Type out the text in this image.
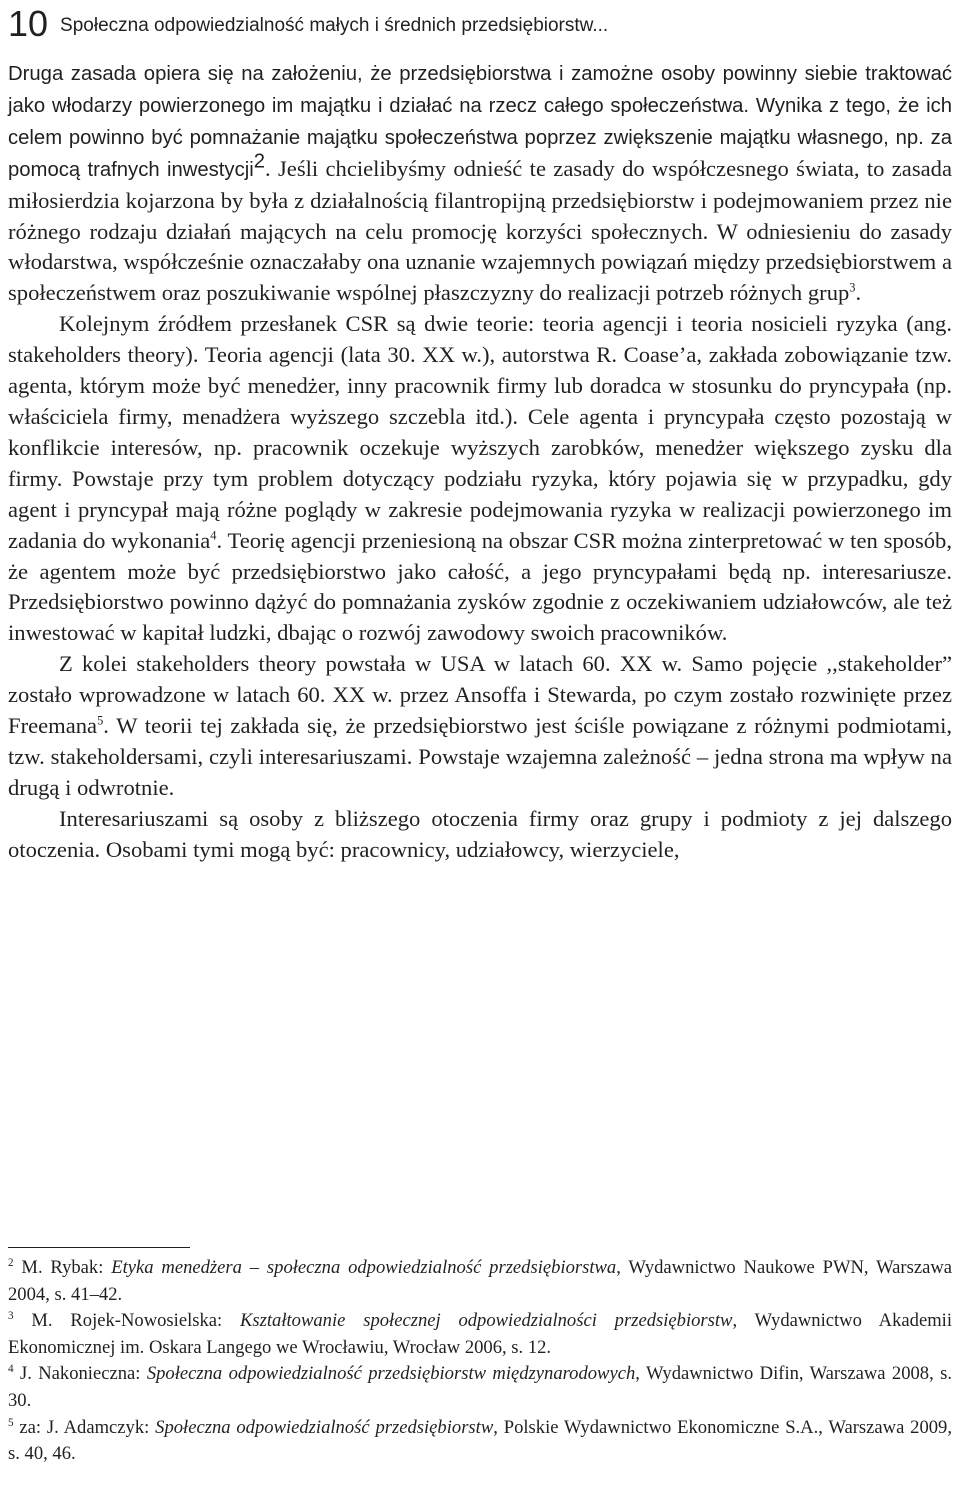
10 Społeczna odpowiedzialność małych i średnich przedsiębiorstw...

Druga zasada opiera się na założeniu, że przedsiębiorstwa i zamożne osoby powinny siebie traktować jako włodarzy powierzonego im majątku i działać na rzecz całego społeczeństwa. Wynika z tego, że ich celem powinno być pomnażanie majątku społeczeństwa poprzez zwiększenie majątku własnego, np. za pomocą trafnych inwestycji$^2$. Jeśli chcielibyśmy odnieść te zasady do współczesnego świata, to zasada miłosierdzia kojarzona by była z działalnością filantropijną przedsiębiorstw i podejmowaniem przez nie różnego rodzaju działań mających na celu promocję korzyści społecznych. W odniesieniu do zasady włodarstwa, współcześnie oznaczałaby ona uznanie wzajemnych powiązań między przedsiębiorstwem a społeczeństwem oraz poszukiwanie wspólnej płaszczyzny do realizacji potrzeb różnych grup$^3$.

Kolejnym źródłem przesłanek CSR są dwie teorie: teoria agencji i teoria nosicieli ryzyka (ang. stakeholders theory). Teoria agencji (lata 30. XX w.), autorstwa R. Coase’a, zakłada zobowiązanie tzw. agenta, którym może być menedżer, inny pracownik firmy lub doradca w stosunku do pryncypała (np. właściciela firmy, menadżera wyższego szczebla itd.). Cele agenta i pryncypała często pozostają w konflikcie interesów, np. pracownik oczekuje wyższych zarobków, menedżer większego zysku dla firmy. Powstaje przy tym problem dotyczący podziału ryzyka, który pojawia się w przypadku, gdy agent i pryncypał mają różne poglądy w zakresie podejmowania ryzyka w realizacji powierzonego im zadania do wykonania$^4$. Teorię agencji przeniesioną na obszar CSR można zinterpretować w ten sposób, że agentem może być przedsiębiorstwo jako całość, a jego pryncypałami będą np. interesariusze. Przedsiębiorstwo powinno dążyć do pomnażania zysków zgodnie z oczekiwaniem udziałowców, ale też inwestować w kapitał ludzki, dbając o rozwój zawodowy swoich pracowników.

Z kolei stakeholders theory powstała w USA w latach 60. XX w. Samo pojęcie ,,stakeholder” zostało wprowadzone w latach 60. XX w. przez Ansoffa i Stewarda, po czym zostało rozwinięte przez Freemana$^5$. W teorii tej zakłada się, że przedsiębiorstwo jest ściśle powiązane z różnymi podmiotami, tzw. stakeholdersami, czyli interesariuszami. Powstaje wzajemna zależność – jedna strona ma wpływ na drugą i odwrotnie.

Interesariuszami są osoby z bliższego otoczenia firmy oraz grupy i podmioty z jej dalszego otoczenia. Osobami tymi mogą być: pracownicy, udziałowcy, wierzyciele,

$^2$ M. Rybak: Etyka menedżera – społeczna odpowiedzialność przedsiębiorstwa, Wydawnictwo Naukowe PWN, Warszawa 2004, s. 41–42.

$^3$ M. Rojek-Nowosielska: Kształtowanie społecznej odpowiedzialności przedsiębiorstw, Wydawnictwo Akademii Ekonomicznej im. Oskara Langego we Wrocławiu, Wrocław 2006, s. 12.

$^4$ J. Nakonieczna: Społeczna odpowiedzialność przedsiębiorstw międzynarodowych, Wydawnictwo Difin, Warszawa 2008, s. 30.

$^5$ za: J. Adamczyk: Społeczna odpowiedzialność przedsiębiorstw, Polskie Wydawnictwo Ekonomiczne S.A., Warszawa 2009, s. 40, 46.
